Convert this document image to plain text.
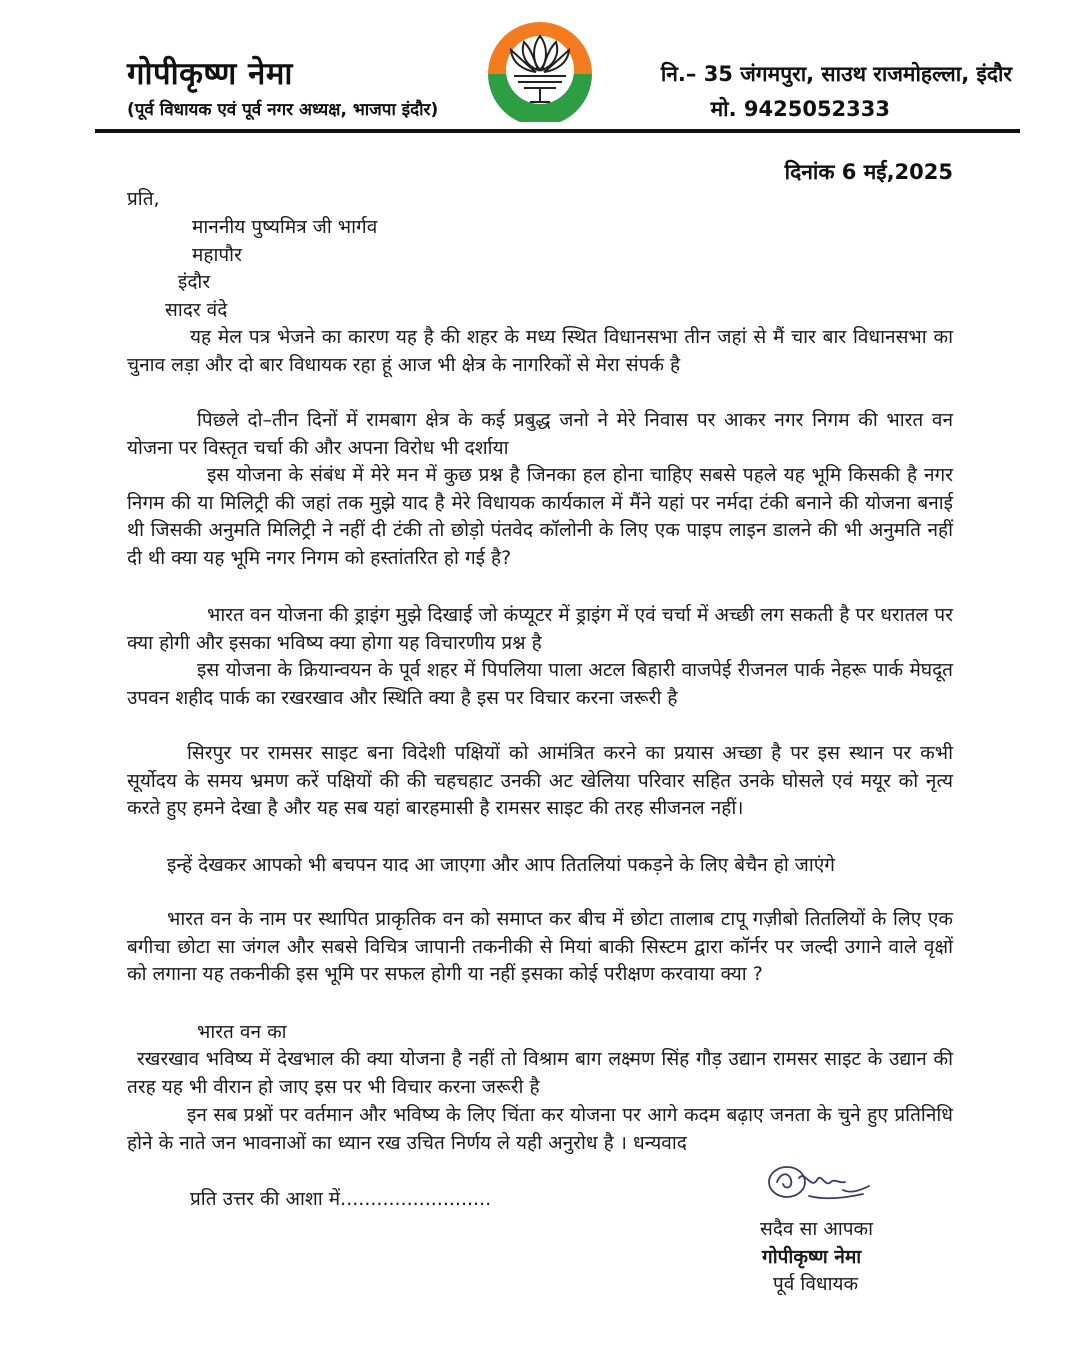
गोपीकृष्ण नेमा
(पूर्व विधायक एवं पूर्व नगर अध्यक्ष, भाजपा इंदौर)
नि.– 35 जंगमपुरा, साउथ राजमोहल्ला, इंदौर
मो. 9425052333
दिनांक 6 मई,2025
प्रति,
माननीय पुष्यमित्र जी भार्गव
महापौर
इंदौर
सादर वंदे

यह मेल पत्र भेजने का कारण यह है की शहर के मध्य स्थित विधानसभा तीन जहां से मैं चार बार विधानसभा का चुनाव लड़ा और दो बार विधायक रहा हूं आज भी क्षेत्र के नागरिकों से मेरा संपर्क है

पिछले दो–तीन दिनों में रामबाग क्षेत्र के कई प्रबुद्ध जनो ने मेरे निवास पर आकर नगर निगम की भारत वन योजना पर विस्तृत चर्चा की और अपना विरोध भी दर्शाया

इस योजना के संबंध में मेरे मन में कुछ प्रश्न है जिनका हल होना चाहिए सबसे पहले यह भूमि किसकी है नगर निगम की या मिलिट्री की जहां तक मुझे याद है मेरे विधायक कार्यकाल में मैंने यहां पर नर्मदा टंकी बनाने की योजना बनाई थी जिसकी अनुमति मिलिट्री ने नहीं दी टंकी तो छोड़ो पंतवेद कॉलोनी के लिए एक पाइप लाइन डालने की भी अनुमति नहीं दी थी क्या यह भूमि नगर निगम को हस्तांतरित हो गई है?

भारत वन योजना की ड्राइंग मुझे दिखाई जो कंप्यूटर में ड्राइंग में एवं चर्चा में अच्छी लग सकती है पर धरातल पर क्या होगी और इसका भविष्य क्या होगा यह विचारणीय प्रश्न है

इस योजना के क्रियान्वयन के पूर्व शहर में पिपलिया पाला अटल बिहारी वाजपेई रीजनल पार्क नेहरू पार्क मेघदूत उपवन शहीद पार्क का रखरखाव और स्थिति क्या है इस पर विचार करना जरूरी है

सिरपुर पर रामसर साइट बना विदेशी पक्षियों को आमंत्रित करने का प्रयास अच्छा है पर इस स्थान पर कभी सूर्योदय के समय भ्रमण करें पक्षियों की की चहचहाट उनकी अट खेलिया परिवार सहित उनके घोसले एवं मयूर को नृत्य करते हुए हमने देखा है और यह सब यहां बारहमासी है रामसर साइट की तरह सीजनल नहीं।

इन्हें देखकर आपको भी बचपन याद आ जाएगा और आप तितलियां पकड़ने के लिए बेचैन हो जाएंगे

भारत वन के नाम पर स्थापित प्राकृतिक वन को समाप्त कर बीच में छोटा तालाब टापू गज़ीबो तितलियों के लिए एक बगीचा छोटा सा जंगल और सबसे विचित्र जापानी तकनीकी से मियां बाकी सिस्टम द्वारा कॉर्नर पर जल्दी उगाने वाले वृक्षों को लगाना यह तकनीकी इस भूमि पर सफल होगी या नहीं इसका कोई परीक्षण करवाया क्या ?

भारत वन का

रखरखाव भविष्य में देखभाल की क्या योजना है नहीं तो विश्राम बाग लक्ष्मण सिंह गौड़ उद्यान रामसर साइट के उद्यान की तरह यह भी वीरान हो जाए इस पर भी विचार करना जरूरी है

इन सब प्रश्नों पर वर्तमान और भविष्य के लिए चिंता कर योजना पर आगे कदम बढ़ाए जनता के चुने हुए प्रतिनिधि होने के नाते जन भावनाओं का ध्यान रख उचित निर्णय ले यही अनुरोध है । धन्यवाद

प्रति उत्तर की आशा में.........................
सदैव सा आपका
गोपीकृष्ण नेमा
पूर्व विधायक
